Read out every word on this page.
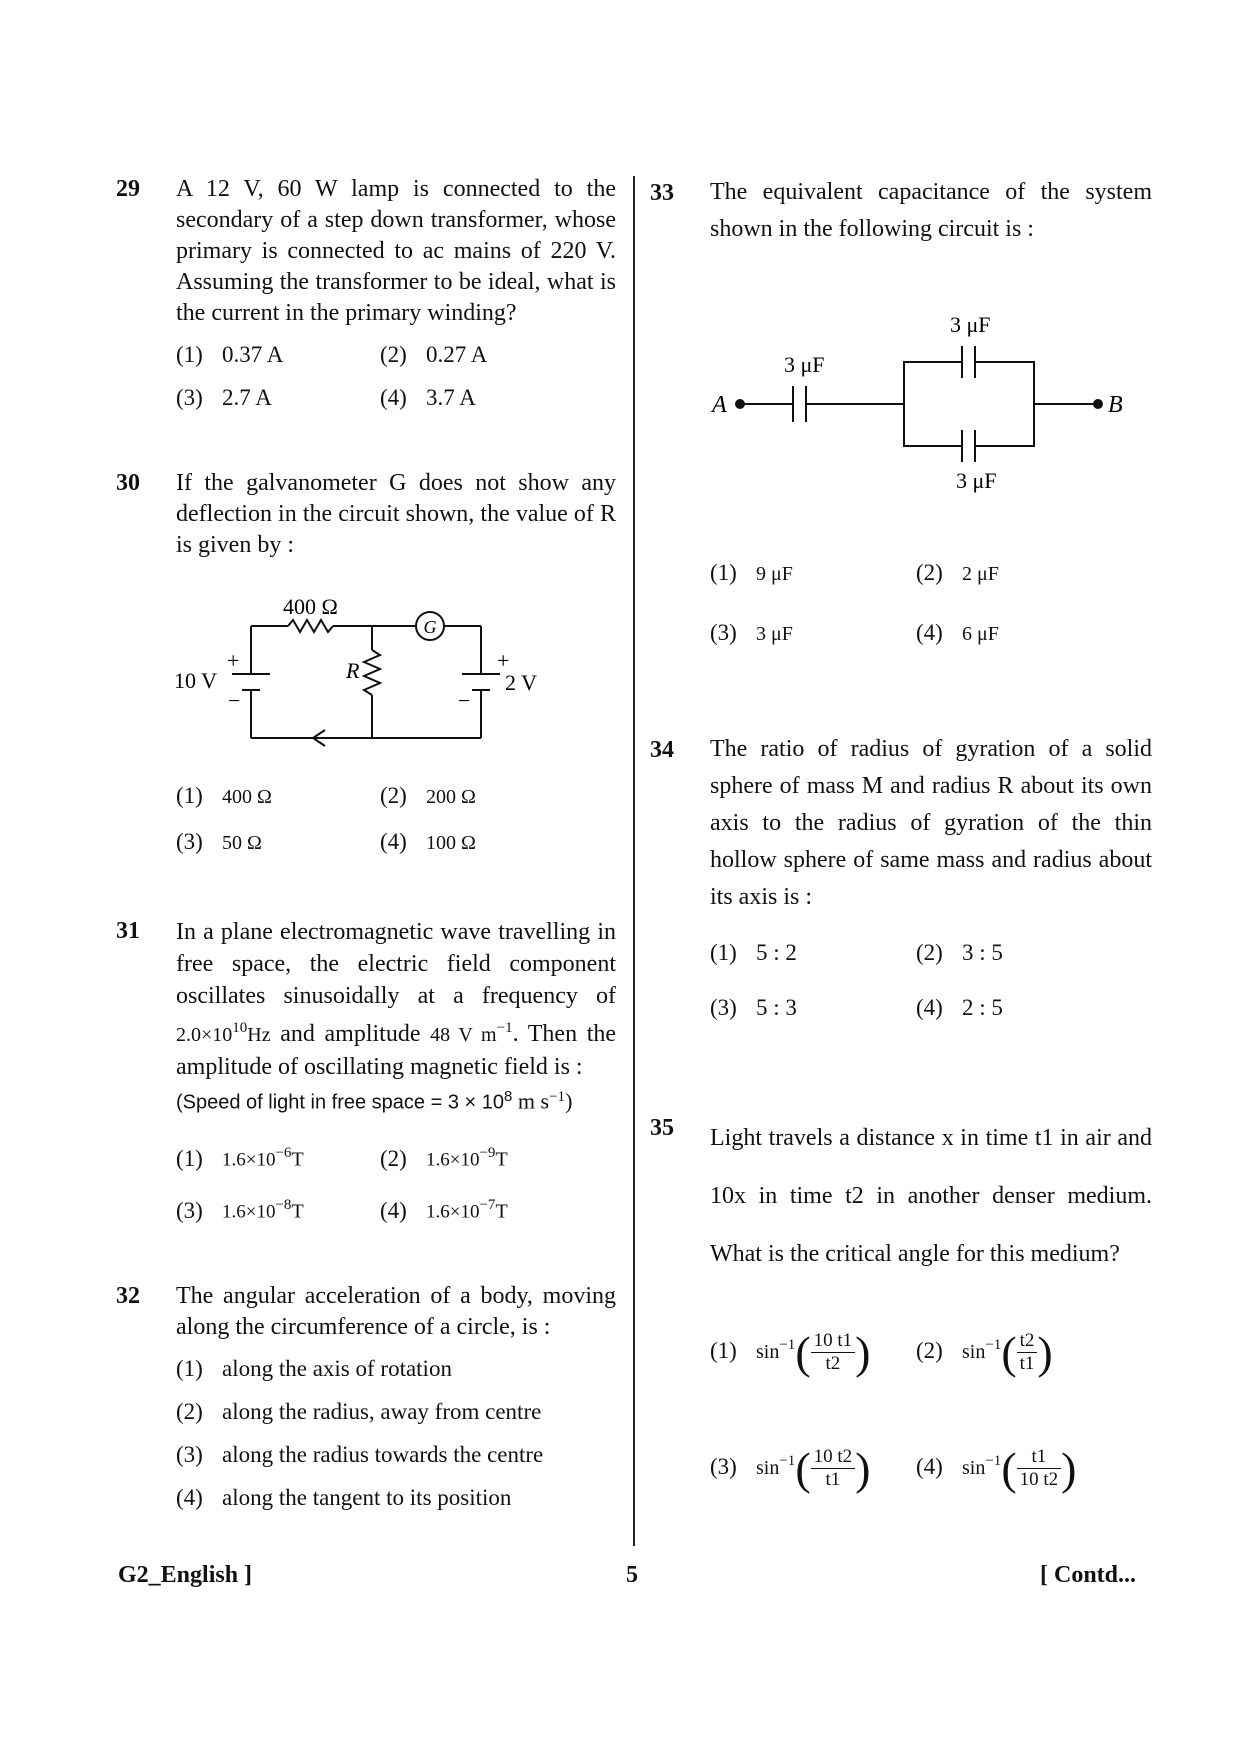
29 A 12 V, 60 W lamp is connected to the secondary of a step down transformer, whose primary is connected to ac mains of 220 V. Assuming the transformer to be ideal, what is the current in the primary winding?
(1) 0.37 A	(2) 0.27 A
(3) 2.7 A	(4) 3.7 A
30 If the galvanometer G does not show any deflection in the circuit shown, the value of R is given by :
400 Ω
G
R
10 V
+
−
+
−
2 V
(1) 400 Ω	(2) 200 Ω
(3) 50 Ω	(4) 100 Ω
31 In a plane electromagnetic wave travelling in free space, the electric field component oscillates sinusoidally at a frequency of $2.0\times 10^{10}Hz$ and amplitude 48 V $m^{-1}$. Then the amplitude of oscillating magnetic field is :
(Speed of light in free space = $3 \times 10^8$ m $s^{-1}$)
(1) $1.6\times 10^{-6}T$	(2) $1.6\times 10^{-9}T$
(3) $1.6\times 10^{-8}T$	(4) $1.6\times 10^{-7}T$
32 The angular acceleration of a body, moving along the circumference of a circle, is :
(1) along the axis of rotation
(2) along the radius, away from centre
(3) along the radius towards the centre
(4) along the tangent to its position
33 The equivalent capacitance of the system shown in the following circuit is :
3 μF
3 μF
3 μF
A	B
(1) 9 μF	(2) 2 μF
(3) 3 μF	(4) 6 μF
34 The ratio of radius of gyration of a solid sphere of mass M and radius R about its own axis to the radius of gyration of the thin hollow sphere of same mass and radius about its axis is :
(1) 5 : 2	(2) 3 : 5
(3) 5 : 3	(4) 2 : 5
35 Light travels a distance x in time t1 in air and 10x in time t2 in another denser medium. What is the critical angle for this medium?
(1) $\sin^{-1}( \frac{10 t1}{t2}$ ) (2) $\sin^{-1}( \frac{t2}{t1}$ )
(3) $\sin^{-1}( \frac{10 t2}{t1}$ ) (4) $\sin^{-1}( \frac{t1}{10 t2}$ )
G2_English ]	5	[ Contd...
